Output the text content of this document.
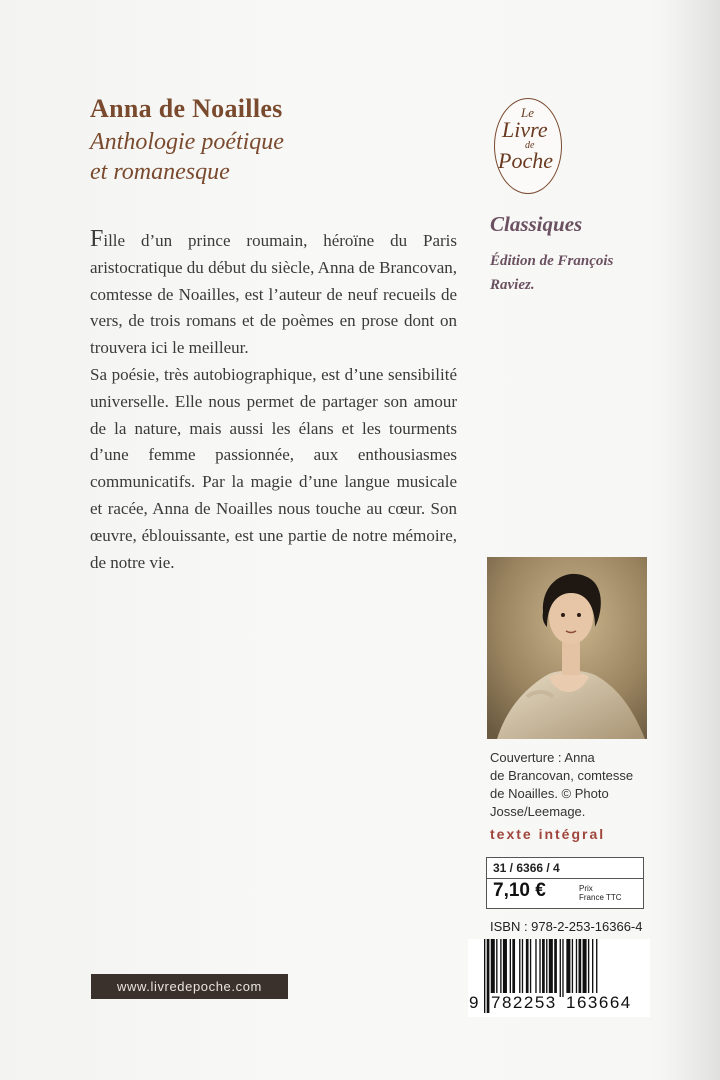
Anna de Noailles
Anthologie poétique
et romanesque

Fille d’un prince roumain, héroïne du Paris aristocratique du début du siècle, Anna de Brancovan, comtesse de Noailles, est l’auteur de neuf recueils de vers, de trois romans et de poèmes en prose dont on trouvera ici le meilleur.

Sa poésie, très autobiographique, est d’une sensibilité universelle. Elle nous permet de partager son amour de la nature, mais aussi les élans et les tourments d’une femme passionnée, aux enthousiasmes communicatifs. Par la magie d’une langue musicale et racée, Anna de Noailles nous touche au cœur. Son œuvre, éblouissante, est une partie de notre mémoire, de notre vie.

Le
Livre
de
Poche
Classiques
Édition de François
Raviez.
Couverture : Anna
de Brancovan, comtesse
de Noailles. © Photo
Josse/Leemage.
texte intégral
31 / 6366 / 4
7,10 €	Prix
France TTC
ISBN : 978-2-253-16366-4
9 782253 163664
www.livredepoche.com
